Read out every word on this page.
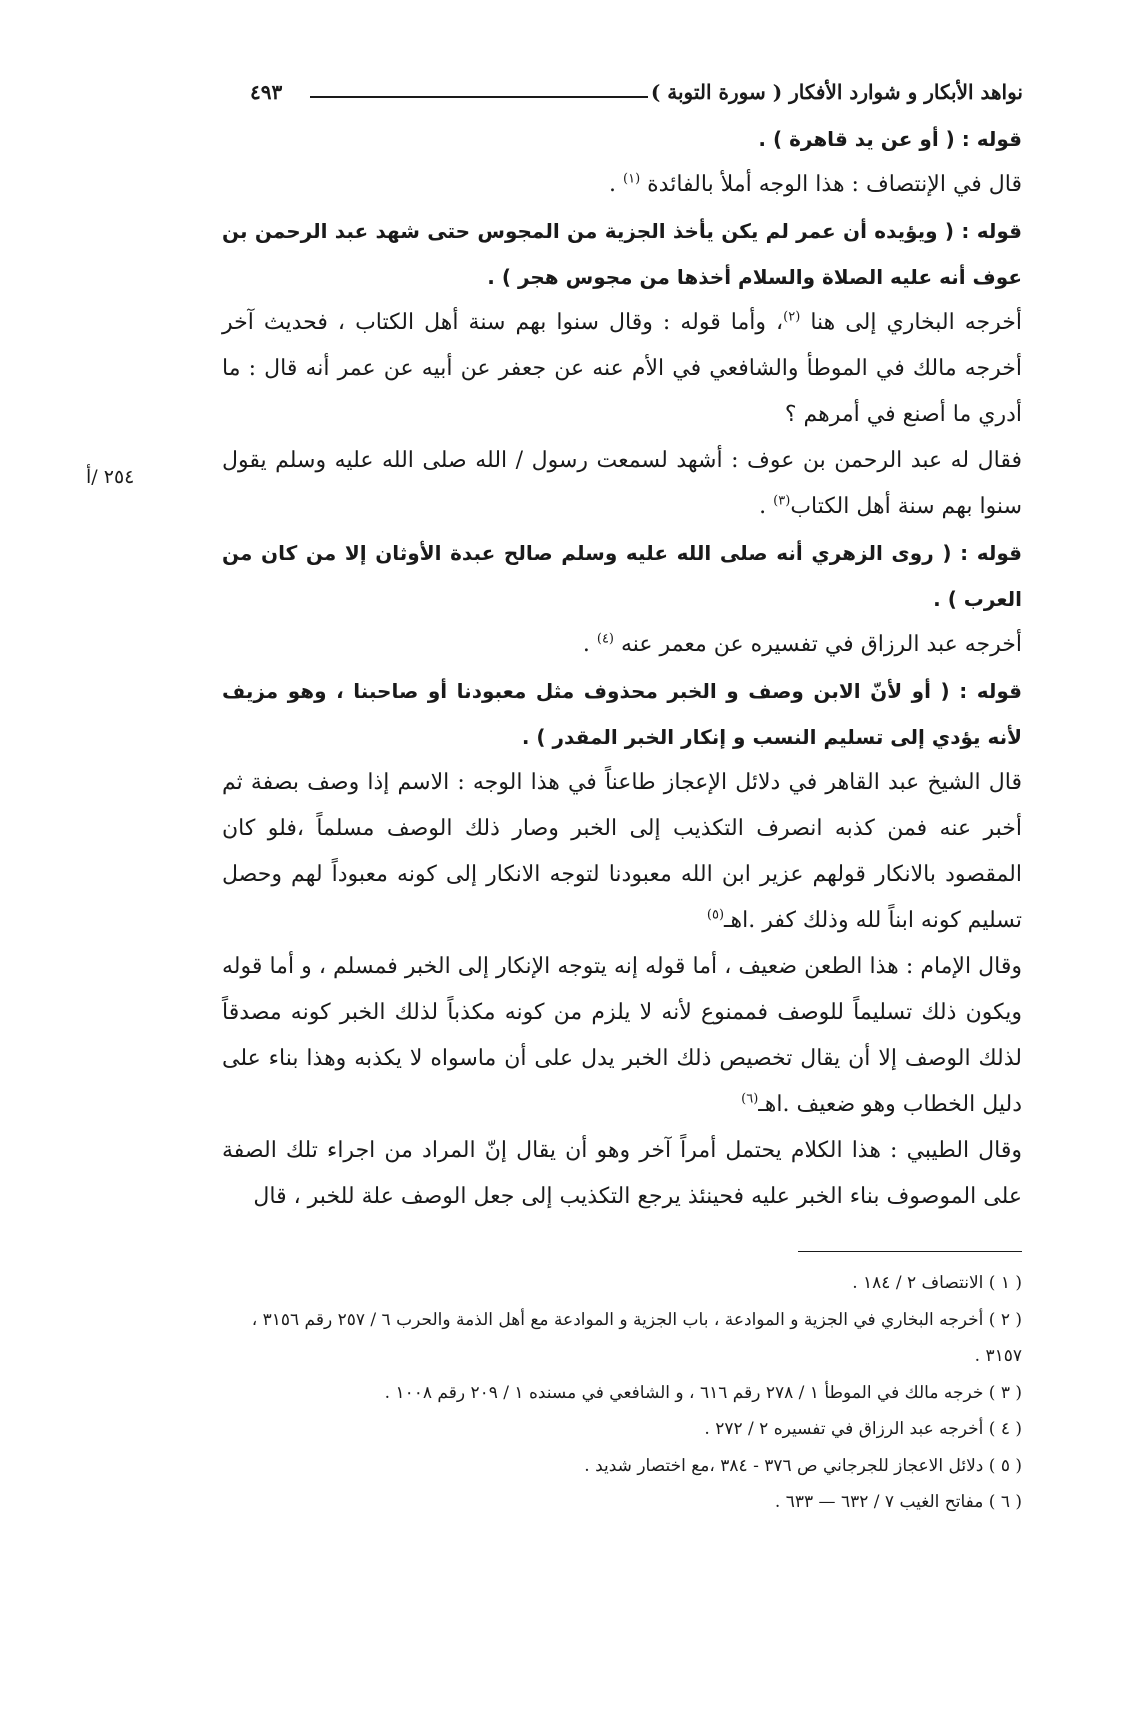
نواهد الأبكار و شوارد الأفكار ( سورة التوبة )
٤٩٣
٢٥٤ /أ

قوله : ( أو عن يد قاهرة ) .

قال في الإنتصاف : هذا الوجه أملأ بالفائدة $^{(١)}$ .

قوله : ( ويؤيده أن عمر لم يكن يأخذ الجزية من المجوس حتى شهد عبد الرحمن بن عوف أنه عليه الصلاة والسلام أخذها من مجوس هجر ) .

أخرجه البخاري إلى هنا $^{(٢)}$، وأما قوله : وقال سنوا بهم سنة أهل الكتاب ، فحديث آخر أخرجه مالك في الموطأ والشافعي في الأم عنه عن جعفر عن أبيه عن عمر أنه قال : ما أدري ما أصنع في أمرهم ؟

فقال له عبد الرحمن بن عوف : أشهد لسمعت رسول / الله صلى الله عليه وسلم يقول سنوا بهم سنة أهل الكتاب$^{(٣)}$ .

قوله : ( روى الزهري أنه صلى الله عليه وسلم صالح عبدة الأوثان إلا من كان من العرب ) .

أخرجه عبد الرزاق في تفسيره عن معمر عنه $^{(٤)}$ .

قوله : ( أو لأنّ الابن وصف و الخبر محذوف مثل معبودنا أو صاحبنا ، وهو مزيف لأنه يؤدي إلى تسليم النسب و إنكار الخبر المقدر ) .

قال الشيخ عبد القاهر في دلائل الإعجاز طاعناً في هذا الوجه : الاسم إذا وصف بصفة ثم أخبر عنه فمن كذبه انصرف التكذيب إلى الخبر وصار ذلك الوصف مسلماً ،فلو كان المقصود بالانكار قولهم عزير ابن الله معبودنا لتوجه الانكار إلى كونه معبوداً لهم وحصل تسليم كونه ابناً لله وذلك كفر .اهـ$^{(٥)}$

وقال الإمام : هذا الطعن ضعيف ، أما قوله إنه يتوجه الإنكار إلى الخبر فمسلم ، و أما قوله ويكون ذلك تسليماً للوصف فممنوع لأنه لا يلزم من كونه مكذباً لذلك الخبر كونه مصدقاً لذلك الوصف إلا أن يقال تخصيص ذلك الخبر يدل على أن ماسواه لا يكذبه وهذا بناء على دليل الخطاب وهو ضعيف .اهـ$^{(٦)}$

وقال الطيبي : هذا الكلام يحتمل أمراً آخر وهو أن يقال إنّ المراد من اجراء تلك الصفة على الموصوف بناء الخبر عليه فحينئذ يرجع التكذيب إلى جعل الوصف علة للخبر ، قال

( ١ ) الانتصاف ٢ / ١٨٤ .

( ٢ ) أخرجه البخاري في الجزية و الموادعة ، باب الجزية و الموادعة مع أهل الذمة والحرب ٦ / ٢٥٧ رقم ٣١٥٦ ، ٣١٥٧ .

( ٣ ) خرجه مالك في الموطأ ١ / ٢٧٨ رقم ٦١٦ ، و الشافعي في مسنده ١ / ٢٠٩ رقم ١٠٠٨ .

( ٤ ) أخرجه عبد الرزاق في تفسيره ٢ / ٢٧٢ .

( ٥ ) دلائل الاعجاز للجرجاني ص ٣٧٦ - ٣٨٤ ،مع اختصار شديد .

( ٦ ) مفاتح الغيب ٧ / ٦٣٢ — ٦٣٣ .
